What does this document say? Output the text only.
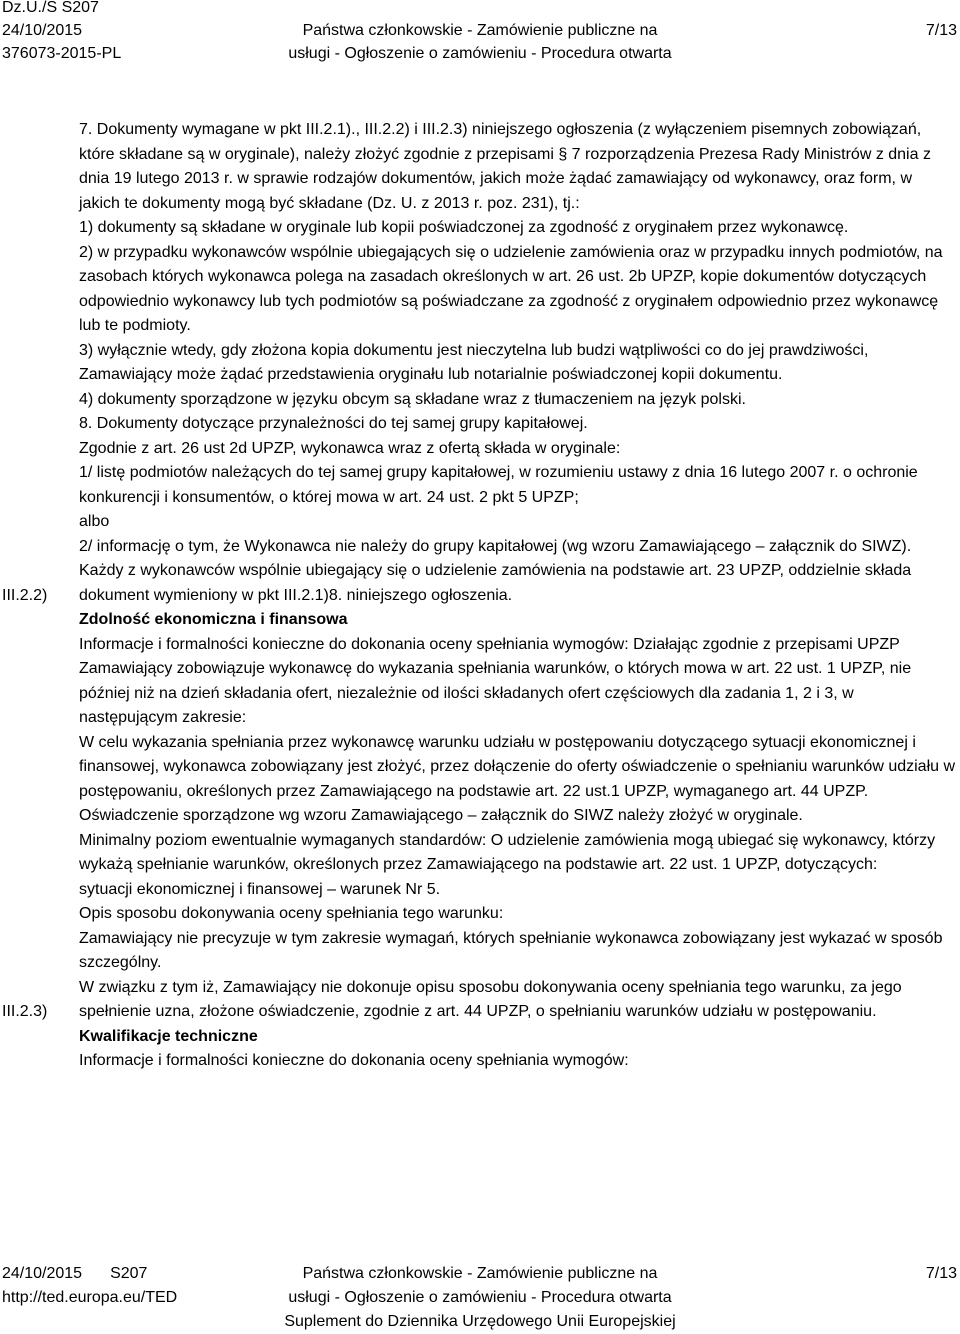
Dz.U./S S207
24/10/2015
376073-2015-PL
Państwa członkowskie - Zamówienie publiczne na
usługi - Ogłoszenie o zamówieniu - Procedura otwarta
7/13

7. Dokumenty wymagane w pkt III.2.1)., III.2.2) i III.2.3) niniejszego ogłoszenia (z wyłączeniem pisemnych zobowiązań, które składane są w oryginale), należy złożyć zgodnie z przepisami § 7 rozporządzenia Prezesa Rady Ministrów z dnia z dnia 19 lutego 2013 r. w sprawie rodzajów dokumentów, jakich może żądać zamawiający od wykonawcy, oraz form, w jakich te dokumenty mogą być składane (Dz. U. z 2013 r. poz. 231), tj.:

1) dokumenty są składane w oryginale lub kopii poświadczonej za zgodność z oryginałem przez wykonawcę.

2) w przypadku wykonawców wspólnie ubiegających się o udzielenie zamówienia oraz w przypadku innych podmiotów, na zasobach których wykonawca polega na zasadach określonych w art. 26 ust. 2b UPZP, kopie dokumentów dotyczących odpowiednio wykonawcy lub tych podmiotów są poświadczane za zgodność z oryginałem odpowiednio przez wykonawcę lub te podmioty.

3) wyłącznie wtedy, gdy złożona kopia dokumentu jest nieczytelna lub budzi wątpliwości co do jej prawdziwości, Zamawiający może żądać przedstawienia oryginału lub notarialnie poświadczonej kopii dokumentu.

4) dokumenty sporządzone w języku obcym są składane wraz z tłumaczeniem na język polski.

8. Dokumenty dotyczące przynależności do tej samej grupy kapitałowej.

Zgodnie z art. 26 ust 2d UPZP, wykonawca wraz z ofertą składa w oryginale:

1/ listę podmiotów należących do tej samej grupy kapitałowej, w rozumieniu ustawy z dnia 16 lutego 2007 r. o ochronie konkurencji i konsumentów, o której mowa w art. 24 ust. 2 pkt 5 UPZP;

albo

2/ informację o tym, że Wykonawca nie należy do grupy kapitałowej (wg wzoru Zamawiającego – załącznik do SIWZ).

Każdy z wykonawców wspólnie ubiegający się o udzielenie zamówienia na podstawie art. 23 UPZP, oddzielnie składa dokument wymieniony w pkt III.2.1)8. niniejszego ogłoszenia.

III.2.2)

Zdolność ekonomiczna i finansowa

Informacje i formalności konieczne do dokonania oceny spełniania wymogów: Działając zgodnie z przepisami UPZP Zamawiający zobowiązuje wykonawcę do wykazania spełniania warunków, o których mowa w art. 22 ust. 1 UPZP, nie później niż na dzień składania ofert, niezależnie od ilości składanych ofert częściowych dla zadania 1, 2 i 3, w następującym zakresie:

W celu wykazania spełniania przez wykonawcę warunku udziału w postępowaniu dotyczącego sytuacji ekonomicznej i finansowej, wykonawca zobowiązany jest złożyć, przez dołączenie do oferty oświadczenie o spełnianiu warunków udziału w postępowaniu, określonych przez Zamawiającego na podstawie art. 22 ust.1 UPZP, wymaganego art. 44 UPZP.

Oświadczenie sporządzone wg wzoru Zamawiającego – załącznik do SIWZ należy złożyć w oryginale.

Minimalny poziom ewentualnie wymaganych standardów: O udzielenie zamówienia mogą ubiegać się wykonawcy, którzy wykażą spełnianie warunków, określonych przez Zamawiającego na podstawie art. 22 ust. 1 UPZP, dotyczących:

sytuacji ekonomicznej i finansowej – warunek Nr 5.

Opis sposobu dokonywania oceny spełniania tego warunku:

Zamawiający nie precyzuje w tym zakresie wymagań, których spełnianie wykonawca zobowiązany jest wykazać w sposób szczególny.

W związku z tym iż, Zamawiający nie dokonuje opisu sposobu dokonywania oceny spełniania tego warunku, za jego spełnienie uzna, złożone oświadczenie, zgodnie z art. 44 UPZP, o spełnianiu warunków udziału w postępowaniu.

III.2.3)

Kwalifikacje techniczne

Informacje i formalności konieczne do dokonania oceny spełniania wymogów:

24/10/2015 S207
http://ted.europa.eu/TED
Państwa członkowskie - Zamówienie publiczne na
usługi - Ogłoszenie o zamówieniu - Procedura otwarta
Suplement do Dziennika Urzędowego Unii Europejskiej
7/13
